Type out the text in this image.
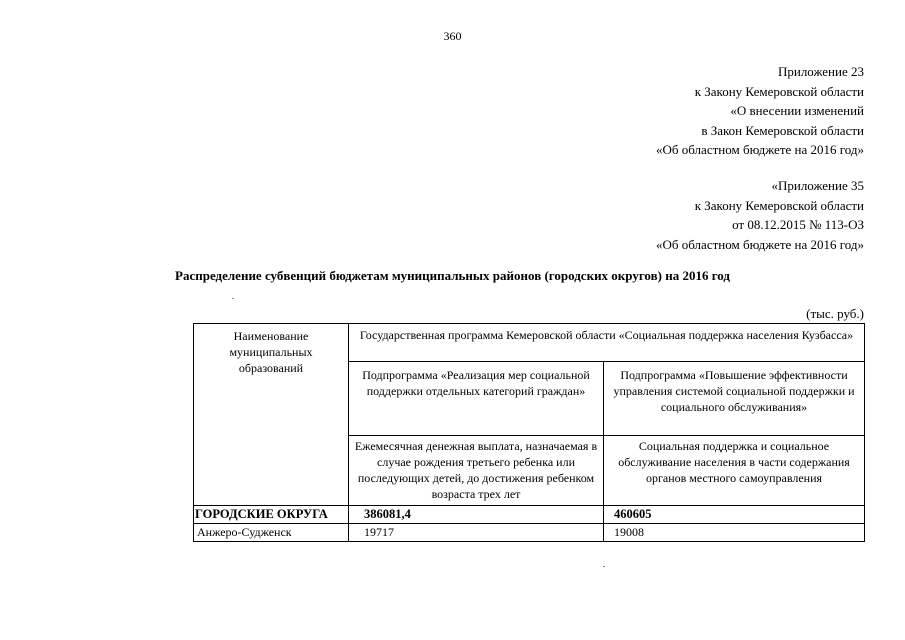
360
Приложение 23
к Закону Кемеровской области
«О внесении изменений
в Закон Кемеровской области
«Об областном бюджете на 2016 год»
«Приложение 35
к Закону Кемеровской области
от 08.12.2015 № 113-ОЗ
«Об областном бюджете на 2016 год»
Распределение субвенций бюджетам муниципальных районов (городских округов) на 2016 год
(тыс. руб.)
Наименование муниципальных образований	Государственная программа Кемеровской области «Социальная поддержка населения Кузбасса»	
	Подпрограмма «Реализация мер социальной поддержки отдельных категорий граждан»	Подпрограмма «Повышение эффективности управления системой социальной поддержки и социального обслуживания»
	Ежемесячная денежная выплата, назначаемая в случае рождения третьего ребенка или последующих детей, до достижения ребенком возраста трех лет	Социальная поддержка и социальное обслуживание населения в части содержания органов местного самоуправления
ГОРОДСКИЕ ОКРУГА	386081,4	460605
Анжеро-Судженск	19717	19008
